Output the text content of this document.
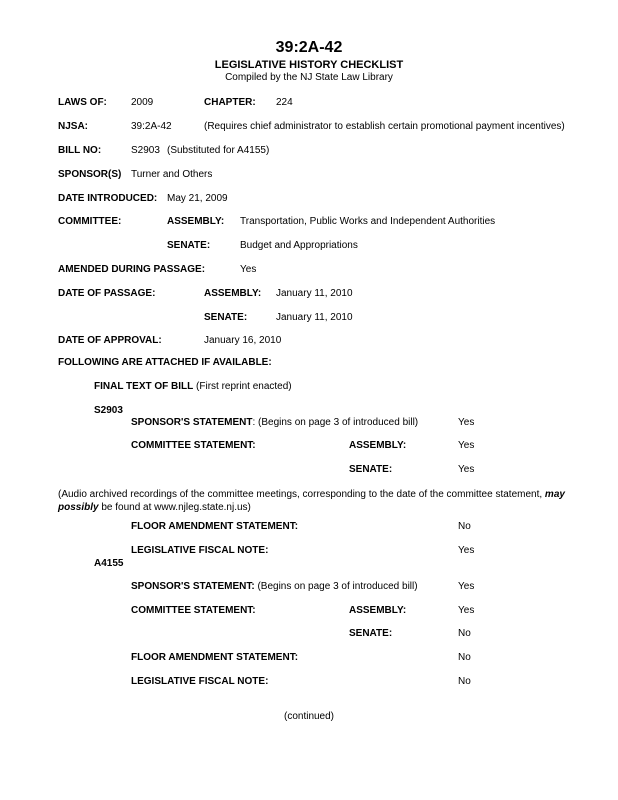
39:2A-42
LEGISLATIVE HISTORY CHECKLIST
Compiled by the NJ State Law Library
LAWS OF: 2009	CHAPTER: 224
NJSA:	39:2A-42	(Requires chief administrator to establish certain promotional payment incentives)
BILL NO:	S2903 (Substituted for A4155)
SPONSOR(S) Turner and Others
DATE INTRODUCED: May 21, 2009
COMMITTEE:	ASSEMBLY: Transportation, Public Works and Independent Authorities
SENATE:	Budget and Appropriations
AMENDED DURING PASSAGE:	Yes
DATE OF PASSAGE:	ASSEMBLY: January 11, 2010
SENATE:	January 11, 2010
DATE OF APPROVAL:	January 16, 2010
FOLLOWING ARE ATTACHED IF AVAILABLE:
FINAL TEXT OF BILL (First reprint enacted)
S2903
SPONSOR'S STATEMENT: (Begins on page 3 of introduced bill)	Yes
COMMITTEE STATEMENT:	ASSEMBLY:	Yes
SENATE:	Yes
(Audio archived recordings of the committee meetings, corresponding to the date of the committee statement, may possibly be found at www.njleg.state.nj.us)
FLOOR AMENDMENT STATEMENT:	No
LEGISLATIVE FISCAL NOTE:	Yes
A4155
SPONSOR'S STATEMENT: (Begins on page 3 of introduced bill)	Yes
COMMITTEE STATEMENT:	ASSEMBLY:	Yes
SENATE:	No
FLOOR AMENDMENT STATEMENT:	No
LEGISLATIVE FISCAL NOTE:	No
(continued)
